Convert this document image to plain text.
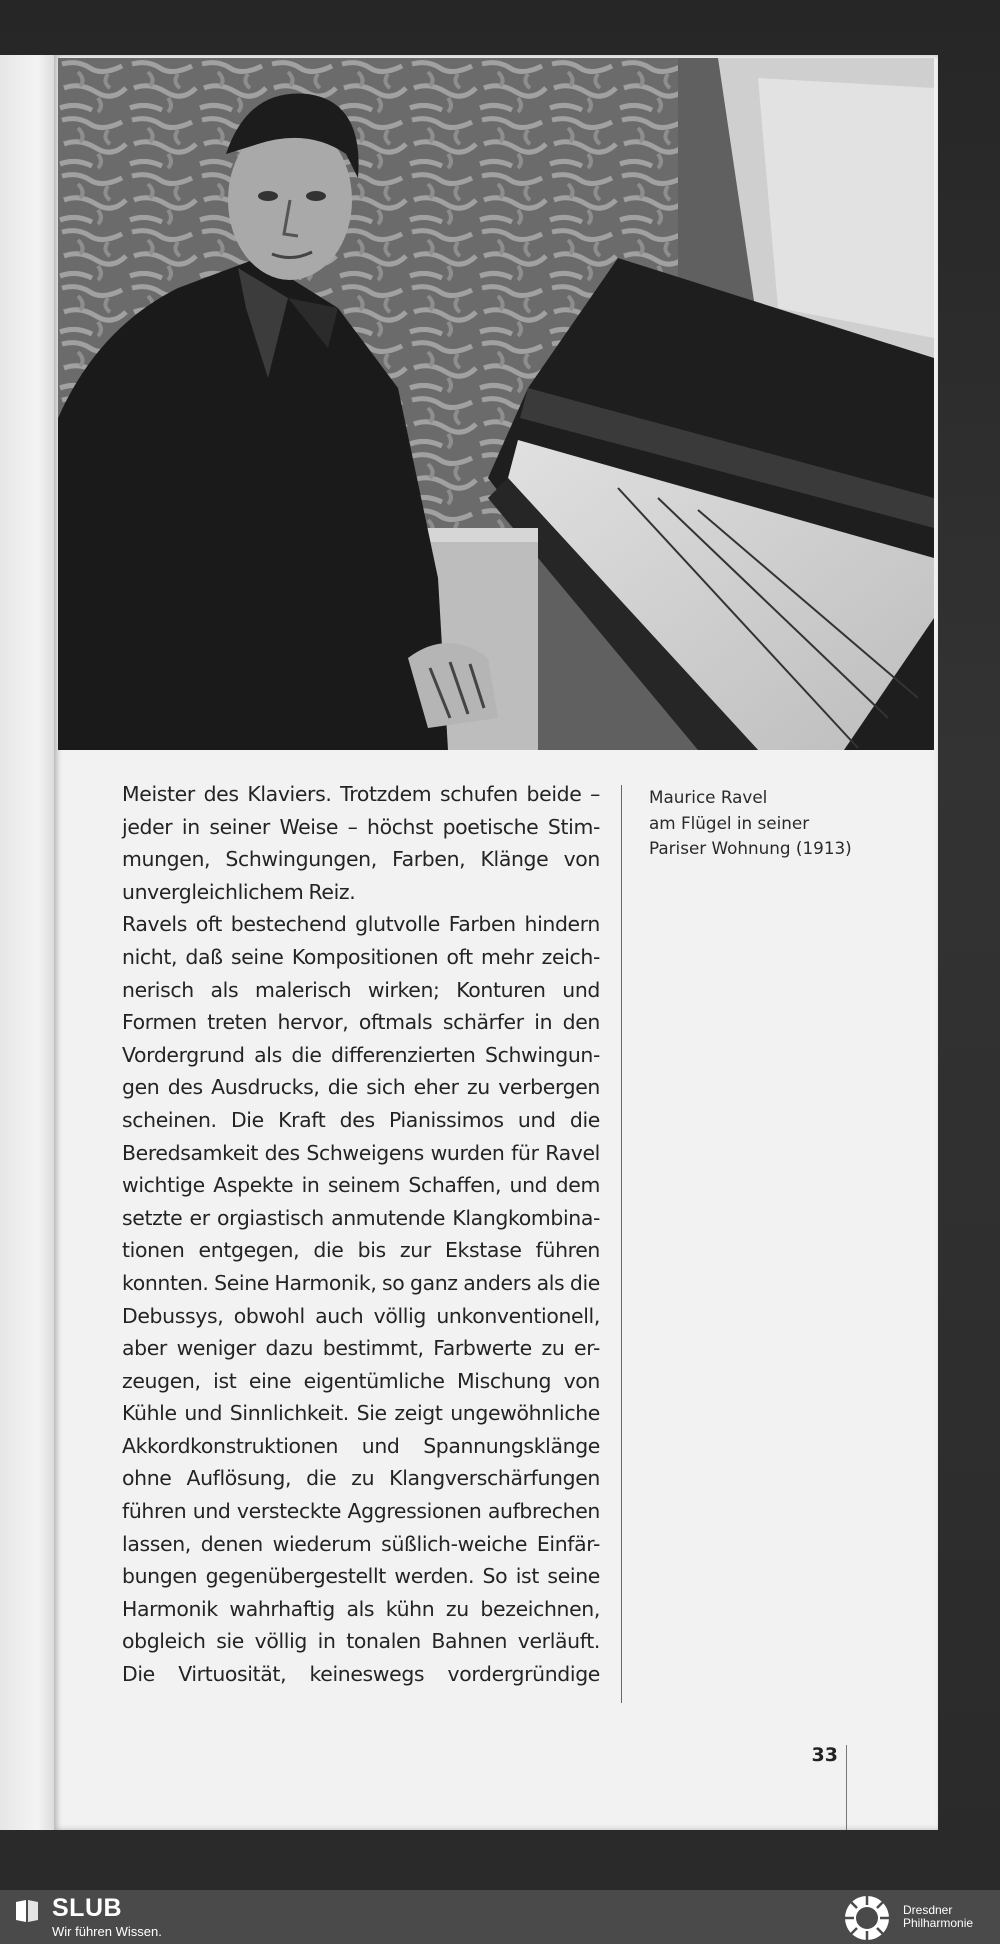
Meister des Klaviers. Trotzdem schufen beide –

jeder in seiner Weise – höchst poetische Stim-

mungen, Schwingungen, Farben, Klänge von

unvergleichlichem Reiz.

Ravels oft bestechend glutvolle Farben hindern

nicht, daß seine Kompositionen oft mehr zeich-

nerisch als malerisch wirken; Konturen und

Formen treten hervor, oftmals schärfer in den

Vordergrund als die differenzierten Schwingun-

gen des Ausdrucks, die sich eher zu verbergen

scheinen. Die Kraft des Pianissimos und die

Beredsamkeit des Schweigens wurden für Ravel

wichtige Aspekte in seinem Schaffen, und dem

setzte er orgiastisch anmutende Klangkombina-

tionen entgegen, die bis zur Ekstase führen

konnten. Seine Harmonik, so ganz anders als die

Debussys, obwohl auch völlig unkonventionell,

aber weniger dazu bestimmt, Farbwerte zu er-

zeugen, ist eine eigentümliche Mischung von

Kühle und Sinnlichkeit. Sie zeigt ungewöhnliche

Akkordkonstruktionen und Spannungsklänge

ohne Auflösung, die zu Klangverschärfungen

führen und versteckte Aggressionen aufbrechen

lassen, denen wiederum süßlich-weiche Einfär-

bungen gegenübergestellt werden. So ist seine

Harmonik wahrhaftig als kühn zu bezeichnen,

obgleich sie völlig in tonalen Bahnen verläuft.

Die Virtuosität, keineswegs vordergründige

Maurice Ravel
am Flügel in seiner
Pariser Wohnung (1913)
33
SLUB
Wir führen Wissen.
Dresdner
Philharmonie
